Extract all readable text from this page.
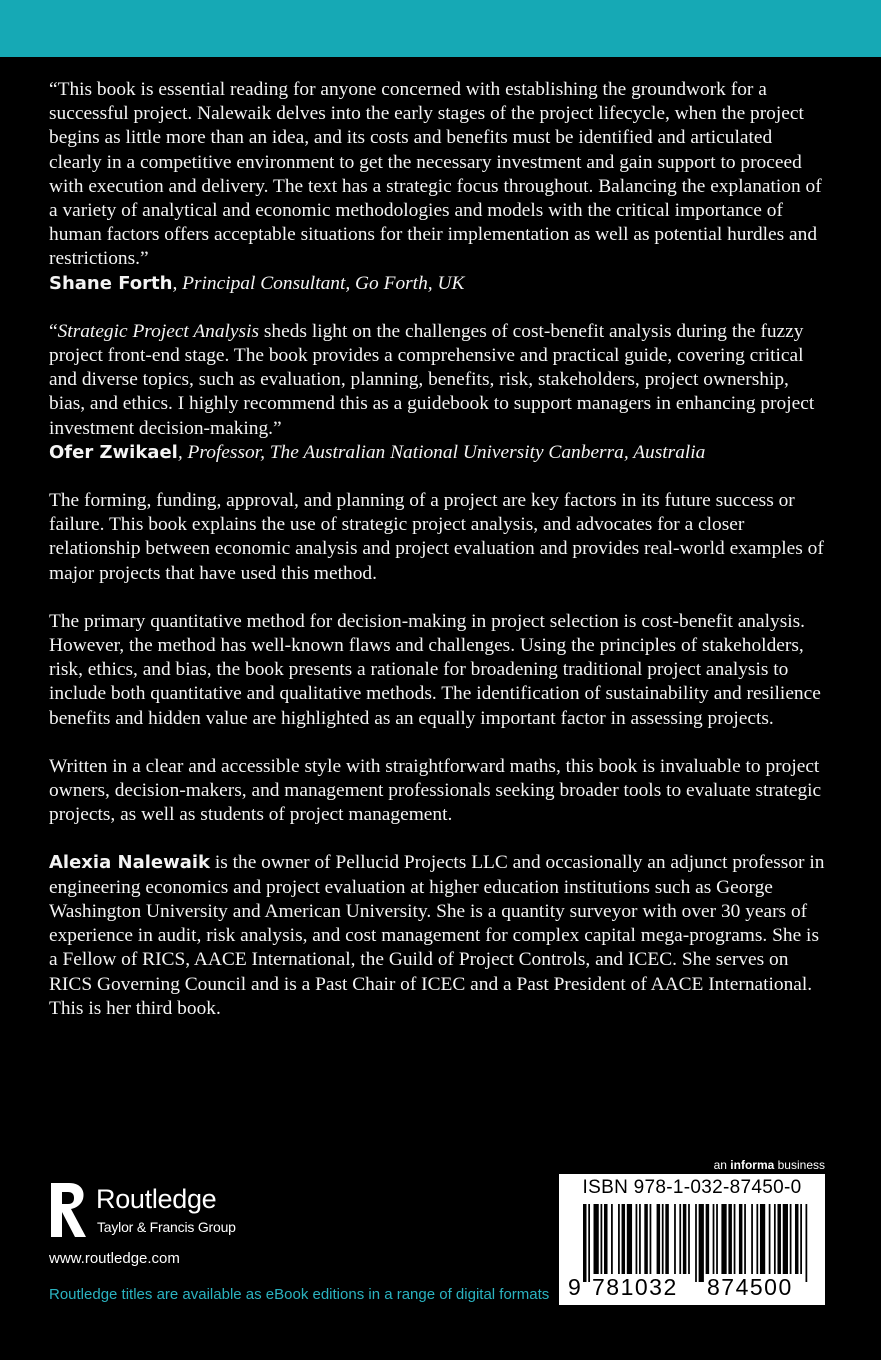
“This book is essential reading for anyone concerned with establishing the groundwork for a successful project. Nalewaik delves into the early stages of the project lifecycle, when the project begins as little more than an idea, and its costs and benefits must be identified and articulated clearly in a competitive environment to get the necessary investment and gain support to proceed with execution and delivery. The text has a strategic focus throughout. Balancing the explanation of a variety of analytical and economic methodologies and models with the critical importance of human factors offers acceptable situations for their implementation as well as potential hurdles and restrictions.”

Shane Forth, Principal Consultant, Go Forth, UK

“Strategic Project Analysis sheds light on the challenges of cost-benefit analysis during the fuzzy project front-end stage. The book provides a comprehensive and practical guide, covering critical and diverse topics, such as evaluation, planning, benefits, risk, stakeholders, project ownership, bias, and ethics. I highly recommend this as a guidebook to support managers in enhancing project investment decision-making.”

Ofer Zwikael, Professor, The Australian National University Canberra, Australia

The forming, funding, approval, and planning of a project are key factors in its future success or failure. This book explains the use of strategic project analysis, and advocates for a closer relationship between economic analysis and project evaluation and provides real-world examples of major projects that have used this method.

The primary quantitative method for decision-making in project selection is cost-benefit analysis. However, the method has well-known flaws and challenges. Using the principles of stakeholders, risk, ethics, and bias, the book presents a rationale for broadening traditional project analysis to include both quantitative and qualitative methods. The identification of sustainability and resilience benefits and hidden value are highlighted as an equally important factor in assessing projects.

Written in a clear and accessible style with straightforward maths, this book is invaluable to project owners, decision-makers, and management professionals seeking broader tools to evaluate strategic projects, as well as students of project management.

Alexia Nalewaik is the owner of Pellucid Projects LLC and occasionally an adjunct professor in engineering economics and project evaluation at higher education institutions such as George Washington University and American University. She is a quantity surveyor with over 30 years of experience in audit, risk analysis, and cost management for complex capital mega-programs. She is a Fellow of RICS, AACE International, the Guild of Project Controls, and ICEC. She serves on RICS Governing Council and is a Past Chair of ICEC and a Past President of AACE International. This is her third book.

LEDGE
Routledge
Taylor & Francis Group
www.routledge.com
Routledge titles are available as eBook editions in a range of digital formats
an informa business
ISBN 978-1-032-87450-0
9 781032 874500
